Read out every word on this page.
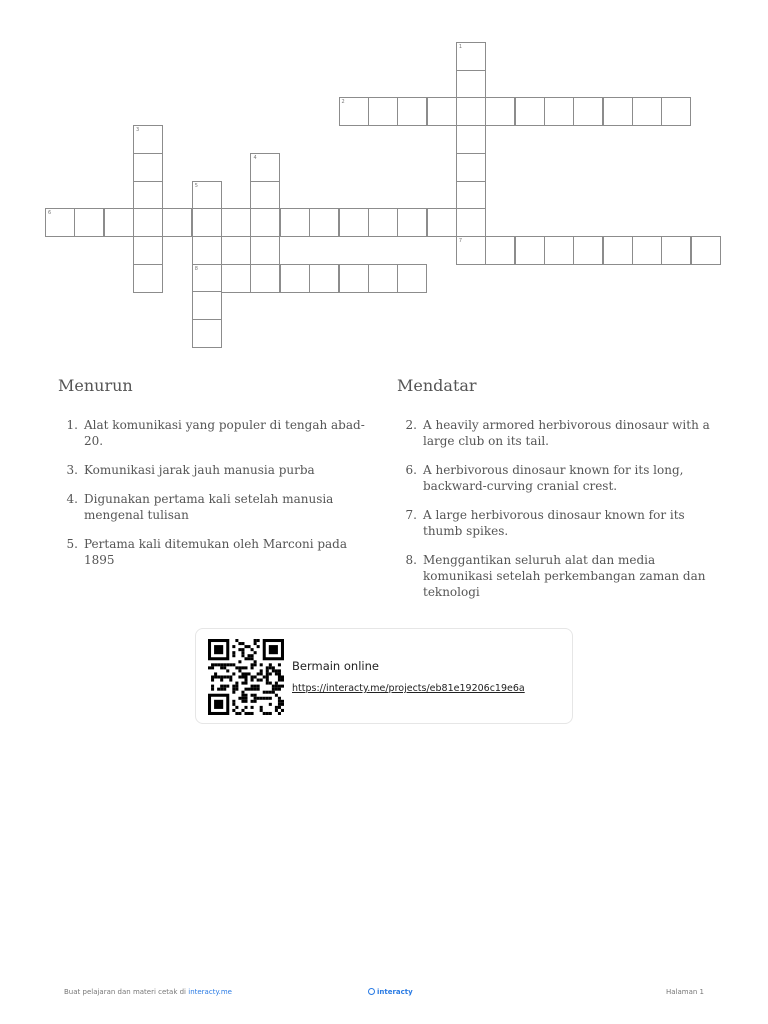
1
7
2
3
4
5
8
6
Menurun
1. Alat komunikasi yang populer di tengah abad-20.
3. Komunikasi jarak jauh manusia purba
4. Digunakan pertama kali setelah manusia mengenal tulisan
5. Pertama kali ditemukan oleh Marconi pada 1895
Mendatar
2. A heavily armored herbivorous dinosaur with a large club on its tail.
6. A herbivorous dinosaur known for its long, backward-curving cranial crest.
7. A large herbivorous dinosaur known for its thumb spikes.
8. Menggantikan seluruh alat dan media komunikasi setelah perkembangan zaman dan teknologi
Bermain online
https://interacty.me/projects/eb81e19206c19e6a
Buat pelajaran dan materi cetak di interacty.me	interacty	Halaman 1
